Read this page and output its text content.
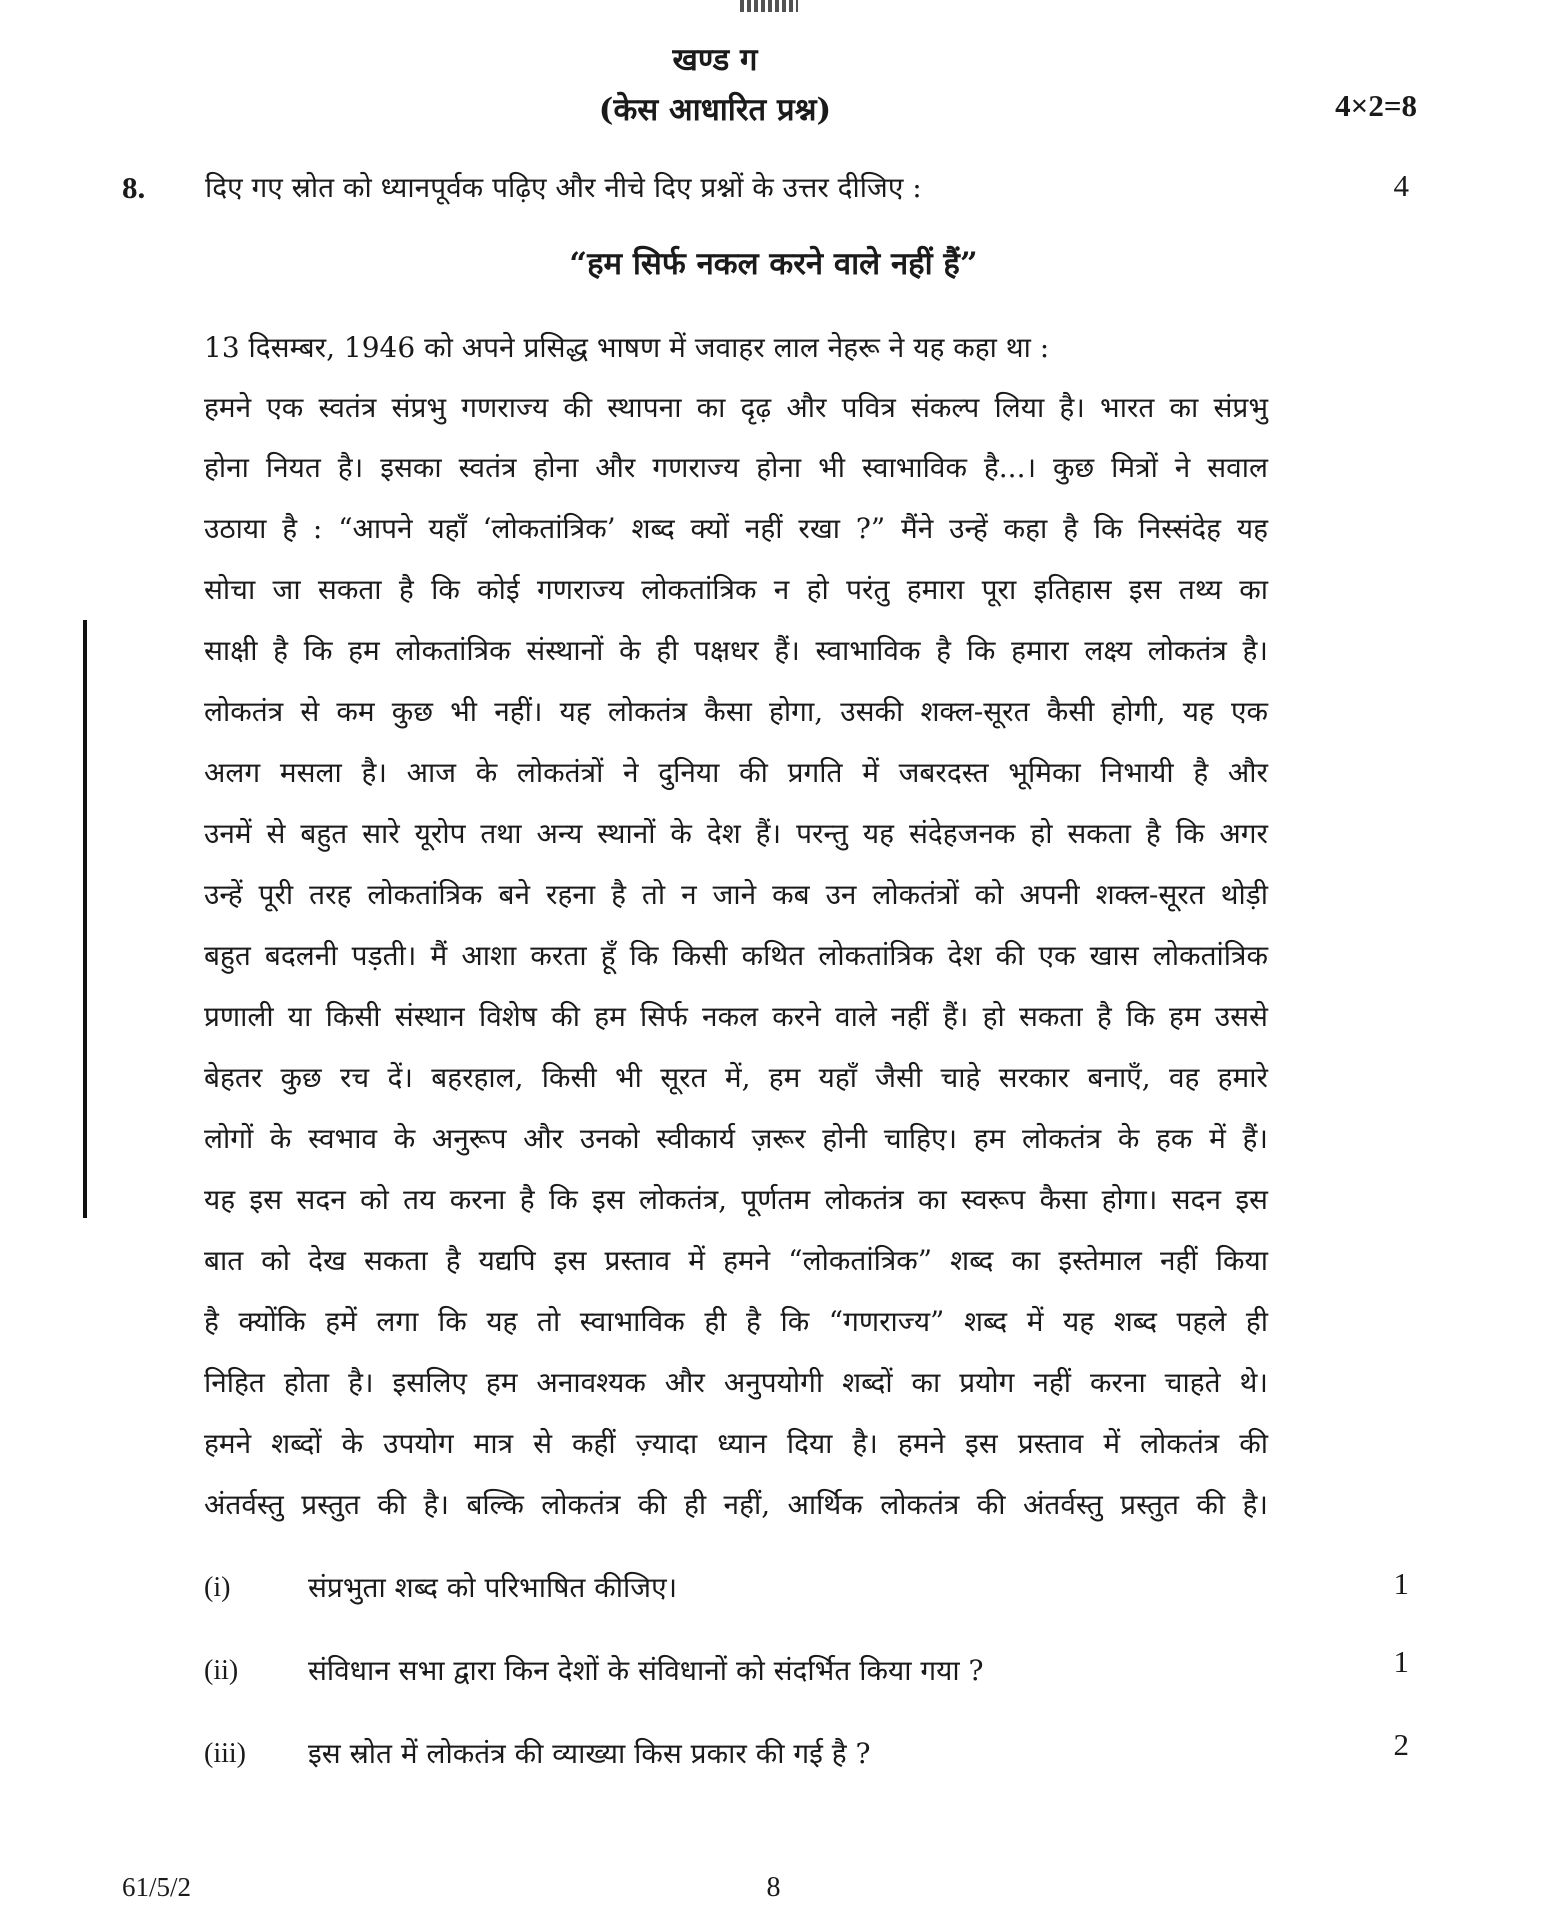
खण्ड ग
(केस आधारित प्रश्न)	4×2=8
8. दिए गए स्रोत को ध्यानपूर्वक पढ़िए और नीचे दिए प्रश्नों के उत्तर दीजिए :	4
“हम सिर्फ नकल करने वाले नहीं हैं”
13 दिसम्बर, 1946 को अपने प्रसिद्ध भाषण में जवाहर लाल नेहरू ने यह कहा था :
हमने एक स्वतंत्र संप्रभु गणराज्य की स्थापना का दृढ़ और पवित्र संकल्प लिया है। भारत का संप्रभु
होना नियत है। इसका स्वतंत्र होना और गणराज्य होना भी स्वाभाविक है...। कुछ मित्रों ने सवाल
उठाया है : “आपने यहाँ ‘लोकतांत्रिक’ शब्द क्यों नहीं रखा ?” मैंने उन्हें कहा है कि निस्संदेह यह
सोचा जा सकता है कि कोई गणराज्य लोकतांत्रिक न हो परंतु हमारा पूरा इतिहास इस तथ्य का
साक्षी है कि हम लोकतांत्रिक संस्थानों के ही पक्षधर हैं। स्वाभाविक है कि हमारा लक्ष्य लोकतंत्र है।
लोकतंत्र से कम कुछ भी नहीं। यह लोकतंत्र कैसा होगा, उसकी शक्ल-सूरत कैसी होगी, यह एक
अलग मसला है। आज के लोकतंत्रों ने दुनिया की प्रगति में जबरदस्त भूमिका निभायी है और
उनमें से बहुत सारे यूरोप तथा अन्य स्थानों के देश हैं। परन्तु यह संदेहजनक हो सकता है कि अगर
उन्हें पूरी तरह लोकतांत्रिक बने रहना है तो न जाने कब उन लोकतंत्रों को अपनी शक्ल-सूरत थोड़ी
बहुत बदलनी पड़ती। मैं आशा करता हूँ कि किसी कथित लोकतांत्रिक देश की एक खास लोकतांत्रिक
प्रणाली या किसी संस्थान विशेष की हम सिर्फ नकल करने वाले नहीं हैं। हो सकता है कि हम उससे
बेहतर कुछ रच दें। बहरहाल, किसी भी सूरत में, हम यहाँ जैसी चाहे सरकार बनाएँ, वह हमारे
लोगों के स्वभाव के अनुरूप और उनको स्वीकार्य ज़रूर होनी चाहिए। हम लोकतंत्र के हक में हैं।
यह इस सदन को तय करना है कि इस लोकतंत्र, पूर्णतम लोकतंत्र का स्वरूप कैसा होगा। सदन इस
बात को देख सकता है यद्यपि इस प्रस्ताव में हमने “लोकतांत्रिक” शब्द का इस्तेमाल नहीं किया
है क्योंकि हमें लगा कि यह तो स्वाभाविक ही है कि “गणराज्य” शब्द में यह शब्द पहले ही
निहित होता है। इसलिए हम अनावश्यक और अनुपयोगी शब्दों का प्रयोग नहीं करना चाहते थे।
हमने शब्दों के उपयोग मात्र से कहीं ज़्यादा ध्यान दिया है। हमने इस प्रस्ताव में लोकतंत्र की
अंतर्वस्तु प्रस्तुत की है। बल्कि लोकतंत्र की ही नहीं, आर्थिक लोकतंत्र की अंतर्वस्तु प्रस्तुत की है।
(i)	संप्रभुता शब्द को परिभाषित कीजिए।	1
(ii) संविधान सभा द्वारा किन देशों के संविधानों को संदर्भित किया गया ?	1
(iii) इस स्रोत में लोकतंत्र की व्याख्या किस प्रकार की गई है ?	2
61/5/2	8
